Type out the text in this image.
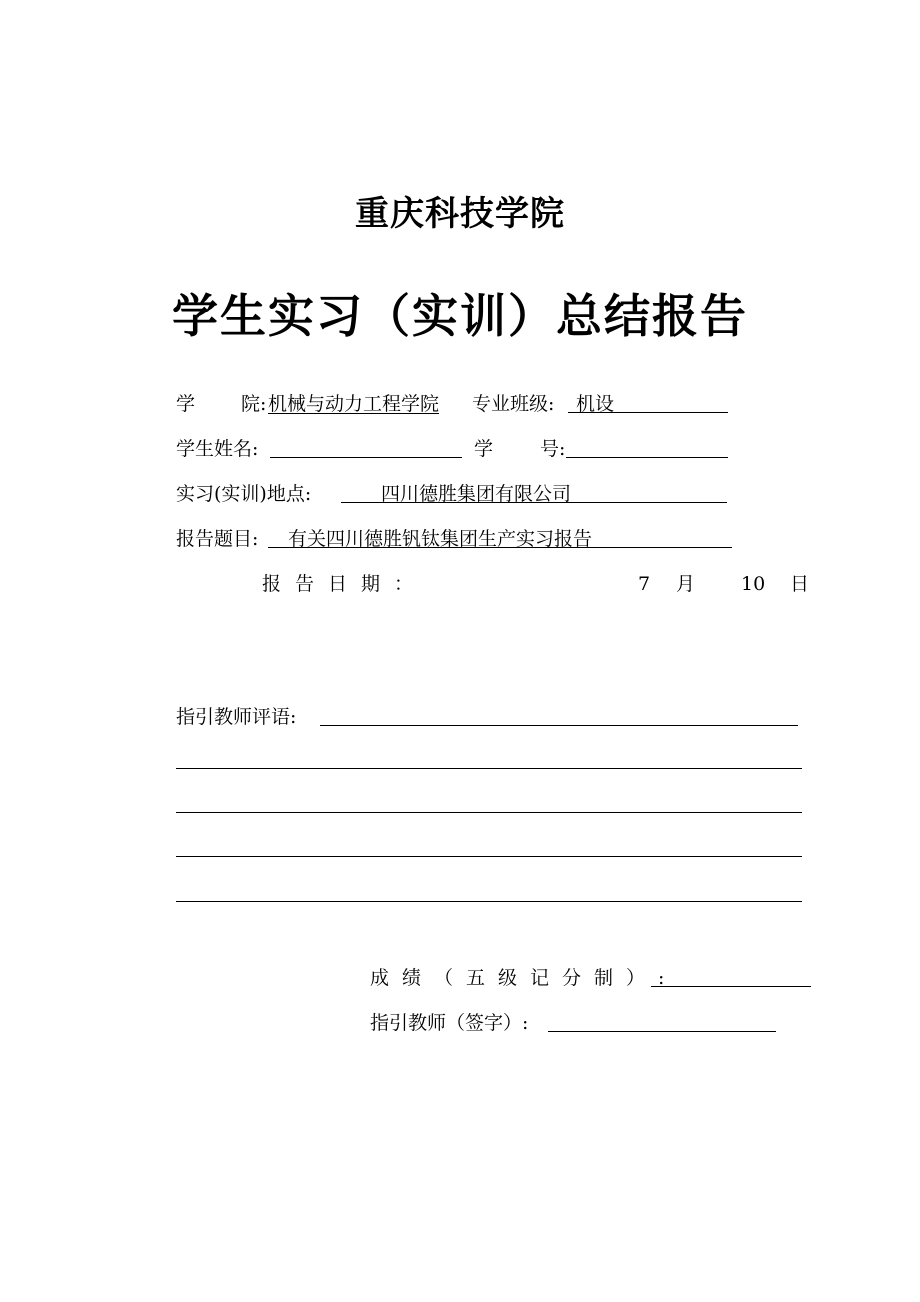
重庆科技学院
学生实习（实训）总结报告
学 院: 机械与动力工程学院 专业班级: 机设
学生姓名:	学 号:
实习(实训)地点:	四川德胜集团有限公司
报告题目: 有关四川德胜钒钛集团生产实习报告
报告日期：	7 月 10 日
指引教师评语:
成绩（五级记分制）:
指引教师（签字）:
